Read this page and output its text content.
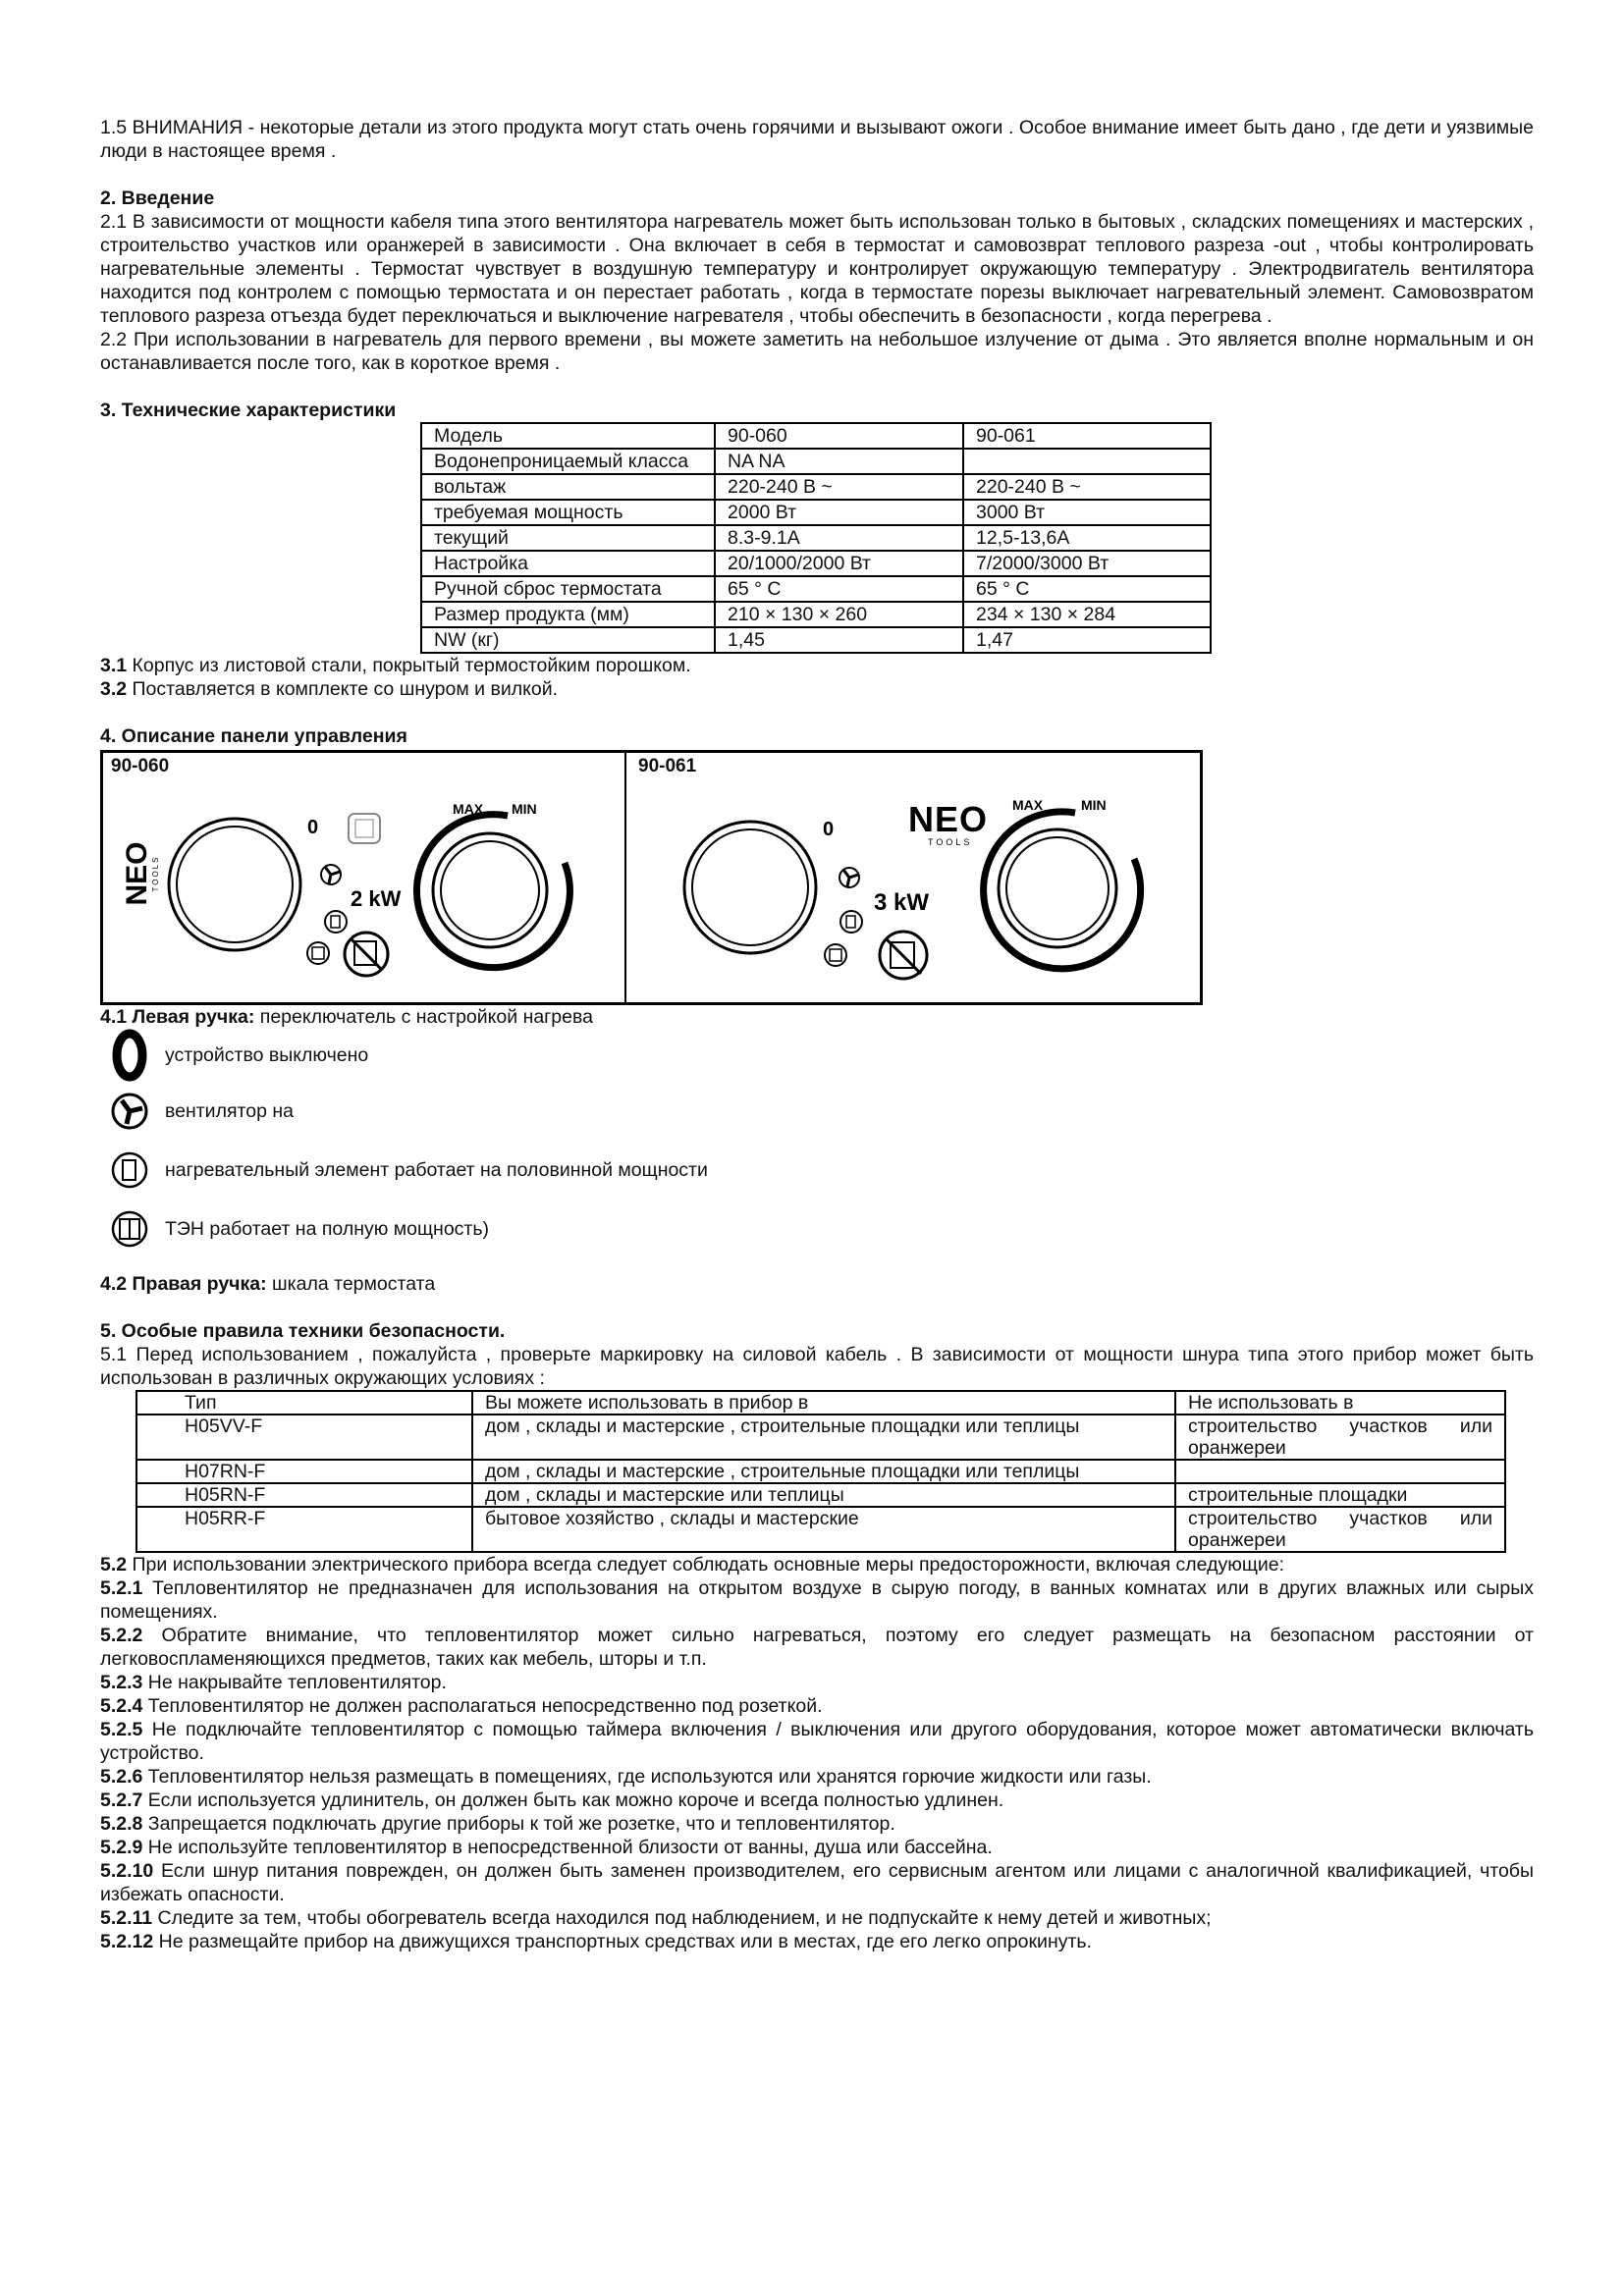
1.5 ВНИМАНИЯ - некоторые детали из этого продукта могут стать очень горячими и вызывают ожоги . Особое внимание имеет быть дано , где дети и уязвимые люди в настоящее время .

2. Введение

2.1 В зависимости от мощности кабеля типа этого вентилятора нагреватель может быть использован только в бытовых , складских помещениях и мастерских , строительство участков или оранжерей в зависимости . Она включает в себя в термостат и самовозврат теплового разреза -out , чтобы контролировать нагревательные элементы . Термостат чувствует в воздушную температуру и контролирует окружающую температуру . Электродвигатель вентилятора находится под контролем с помощью термостата и он перестает работать , когда в термостате порезы выключает нагревательный элемент. Самовозвратом теплового разреза отъезда будет переключаться и выключение нагревателя , чтобы обеспечить в безопасности , когда перегрева .

2.2 При использовании в нагреватель для первого времени , вы можете заметить на небольшое излучение от дыма . Это является вполне нормальным и он останавливается после того, как в короткое время .

3. Технические характеристики

Модель	90-060	90-061
Водонепроницаемый класса	NA NA	
вольтаж	220-240 В ~	220-240 В ~
требуемая мощность	2000 Вт	3000 Вт
текущий	8.3-9.1A	12,5-13,6A
Настройка	20/1000/2000 Вт	7/2000/3000 Вт
Ручной сброс термостата	65 ° C	65 ° C
Размер продукта (мм)	210 × 130 × 260	234 × 130 × 284
NW (кг)	1,45	1,47

3.1 Корпус из листовой стали, покрытый термостойким порошком.

3.2 Поставляется в комплекте со шнуром и вилкой.

4. Описание панели управления

90-060	90-061
NEO
TOOLS
0
2 kW
MAX MIN
0 NEO
TOOLS
3 kW
MAX	MIN

4.1 Левая ручка: переключатель с настройкой нагрева

устройство выключено
вентилятор на
нагревательный элемент работает на половинной мощности
ТЭН работает на полную мощность)

4.2 Правая ручка: шкала термостата

5. Особые правила техники безопасности.

5.1 Перед использованием , пожалуйста , проверьте маркировку на силовой кабель . В зависимости от мощности шнура типа этого прибор может быть использован в различных окружающих условиях :

Тип	Вы можете использовать в прибор в	Не использовать в
H05VV-F	дом , склады и мастерские , строительные площадки или теплицы	строительство участков или оранжереи
H07RN-F	дом , склады и мастерские , строительные площадки или теплицы	
H05RN-F	дом , склады и мастерские или теплицы	строительные площадки
H05RR-F	бытовое хозяйство , склады и мастерские	строительство участков или оранжереи

5.2 При использовании электрического прибора всегда следует соблюдать основные меры предосторожности, включая следующие:

5.2.1 Тепловентилятор не предназначен для использования на открытом воздухе в сырую погоду, в ванных комнатах или в других влажных или сырых помещениях.

5.2.2 Обратите внимание, что тепловентилятор может сильно нагреваться, поэтому его следует размещать на безопасном расстоянии от легковоспламеняющихся предметов, таких как мебель, шторы и т.п.

5.2.3 Не накрывайте тепловентилятор.

5.2.4 Тепловентилятор не должен располагаться непосредственно под розеткой.

5.2.5 Не подключайте тепловентилятор с помощью таймера включения / выключения или другого оборудования, которое может автоматически включать устройство.

5.2.6 Тепловентилятор нельзя размещать в помещениях, где используются или хранятся горючие жидкости или газы.

5.2.7 Если используется удлинитель, он должен быть как можно короче и всегда полностью удлинен.

5.2.8 Запрещается подключать другие приборы к той же розетке, что и тепловентилятор.

5.2.9 Не используйте тепловентилятор в непосредственной близости от ванны, душа или бассейна.

5.2.10 Если шнур питания поврежден, он должен быть заменен производителем, его сервисным агентом или лицами с аналогичной квалификацией, чтобы избежать опасности.

5.2.11 Следите за тем, чтобы обогреватель всегда находился под наблюдением, и не подпускайте к нему детей и животных;

5.2.12 Не размещайте прибор на движущихся транспортных средствах или в местах, где его легко опрокинуть.
